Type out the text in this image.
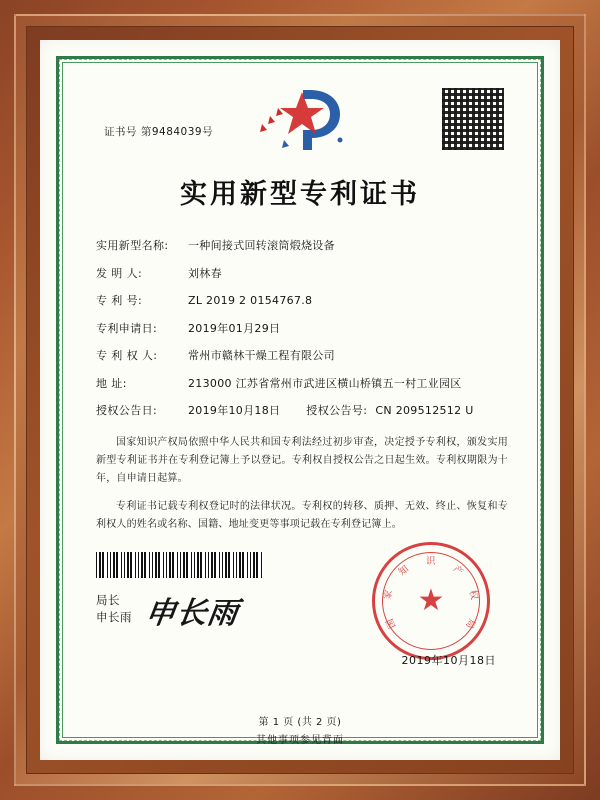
证书号 第9484039号
实用新型专利证书
实用新型名称:	一种间接式回转滚筒煅烧设备
发 明 人:	刘林春
专 利 号:	ZL 2019 2 0154767.8
专利申请日:	2019年01月29日
专 利 权 人:	常州市赣林干燥工程有限公司
地 址:	213000 江苏省常州市武进区横山桥镇五一村工业园区
授权公告日:	2019年10月18日 授权公告号: CN 209512512 U

国家知识产权局依照中华人民共和国专利法经过初步审查，决定授予专利权，颁发实用新型专利证书并在专利登记簿上予以登记。专利权自授权公告之日起生效。专利权期限为十年，自申请日起算。

专利证书记载专利权登记时的法律状况。专利权的转移、质押、无效、终止、恢复和专利权人的姓名或名称、国籍、地址变更等事项记载在专利登记簿上。

局长
申长雨 申长雨	★
国
家
知
识
产
权
局
2019年10月18日
第 1 页 (共 2 页)
其他事项参见背面
